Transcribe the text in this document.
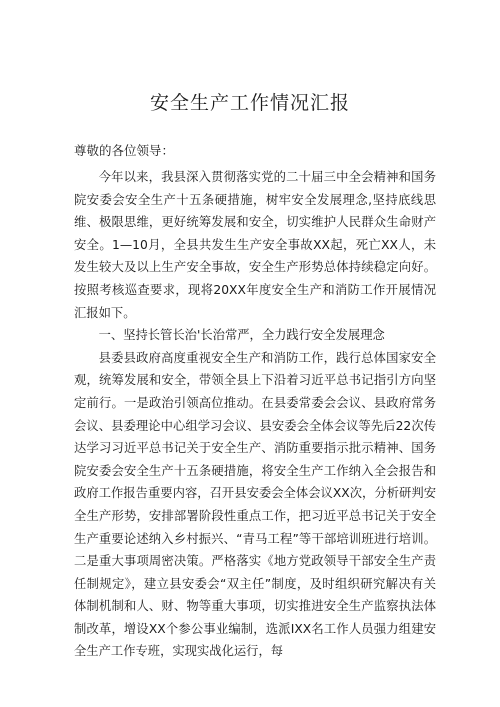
安全生产工作情况汇报

尊敬的各位领导：

今年以来，我县深入贯彻落实党的二十届三中全会精神和国务院安委会安全生产十五条硬措施，树牢安全发展理念,坚持底线思维、极限思维，更好统筹发展和安全，切实维护人民群众生命财产安全。1—10月，全县共发生生产安全事故XX起，死亡XX人，未发生较大及以上生产安全事故，安全生产形势总体持续稳定向好。按照考核巡查要求，现将20XX年度安全生产和消防工作开展情况汇报如下。

一、坚持长管长治'长治常严，全力践行安全发展理念

县委县政府高度重视安全生产和消防工作，践行总体国家安全观，统筹发展和安全，带领全县上下沿着习近平总书记指引方向坚定前行。一是政治引领高位推动。在县委常委会会议、县政府常务会议、县委理论中心组学习会议、县安委会全体会议等先后22次传达学习习近平总书记关于安全生产、消防重要指示批示精神、国务院安委会安全生产十五条硬措施，将安全生产工作纳入全会报告和政府工作报告重要内容，召开县安委会全体会议XX次，分析研判安全生产形势，安排部署阶段性重点工作，把习近平总书记关于安全生产重要论述纳入乡村振兴、“青马工程”等干部培训班进行培训。二是重大事项周密决策。严格落实《地方党政领导干部安全生产责任制规定》，建立县安委会“双主任”制度，及时组织研究解决有关体制机制和人、财、物等重大事项，切实推进安全生产监察执法体制改革，增设XX个参公事业编制，选派IXX名工作人员强力组建安全生产工作专班，实现实战化运行，每
